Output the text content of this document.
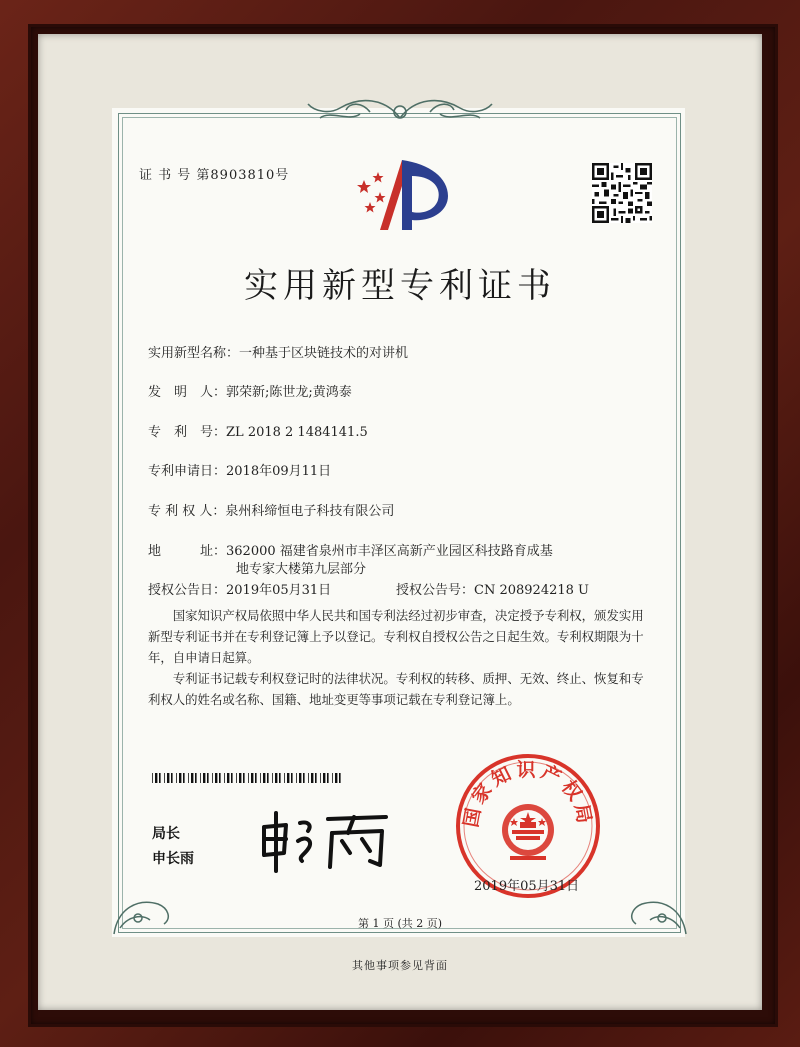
证 书 号 第8903810号
实用新型专利证书
实用新型名称：一种基于区块链技术的对讲机
发　明　人：郭荣新;陈世龙;黄鸿泰
专　利　号：ZL 2018 2 1484141.5
专利申请日：2018年09月11日
专 利 权 人：泉州科缔恒电子科技有限公司
地　　　址：362000 福建省泉州市丰泽区高新产业园区科技路育成基
地专家大楼第九层部分
授权公告日：2019年05月31日	授权公告号：CN 208924218 U
　　国家知识产权局依照中华人民共和国专利法经过初步审查，决定授予专利权，颁发实用
新型专利证书并在专利登记簿上予以登记。专利权自授权公告之日起生效。专利权期限为十
年，自申请日起算。
　　专利证书记载专利权登记时的法律状况。专利权的转移、质押、无效、终止、恢复和专
利权人的姓名或名称、国籍、地址变更等事项记载在专利登记簿上。
局长
申长雨
国家知识产权局
2019年05月31日
第 1 页 (共 2 页)
其他事项参见背面
